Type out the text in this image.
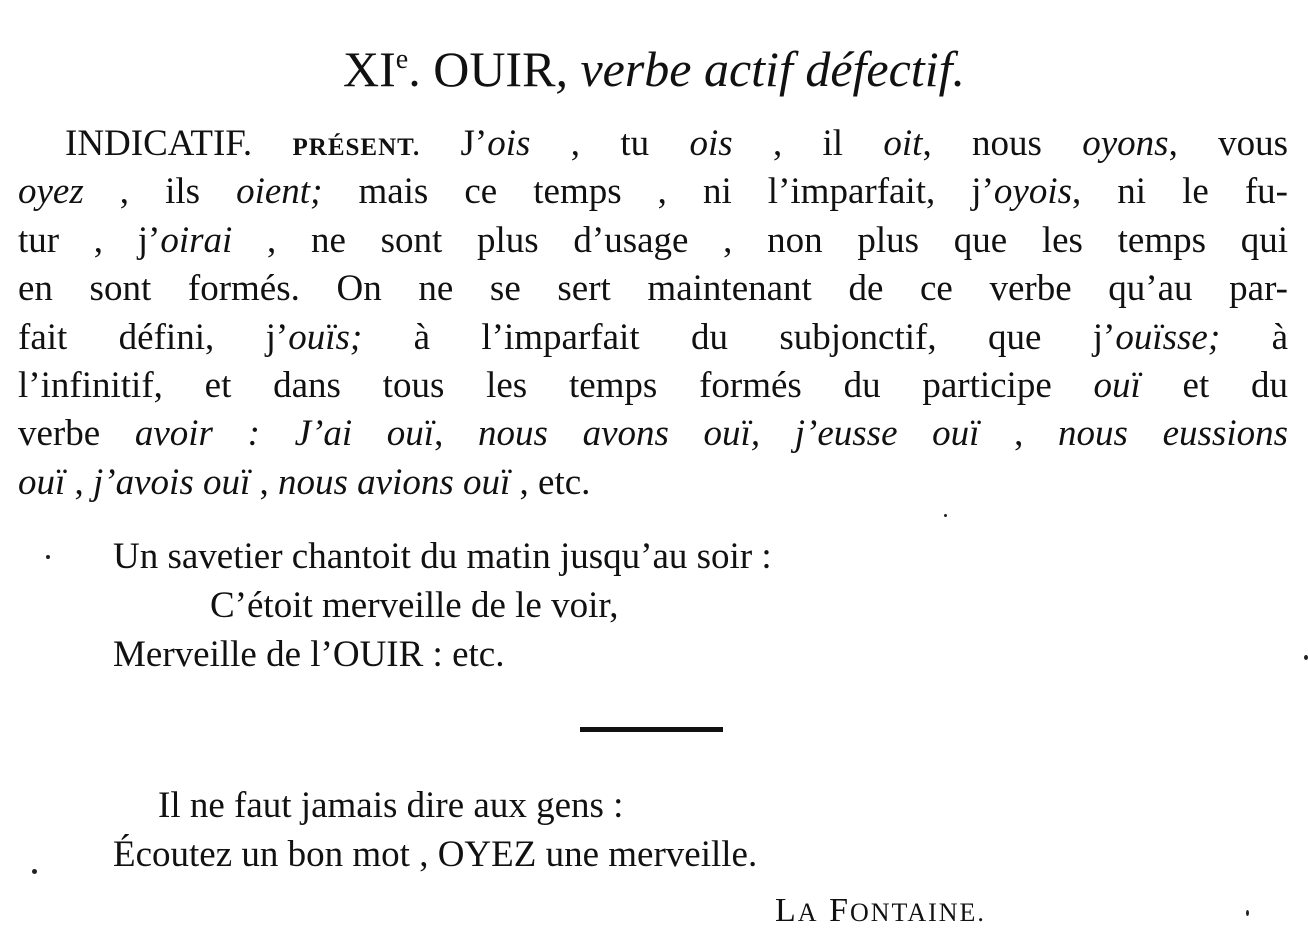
XIe. OUIR, verbe actif défectif.
INDICATIF. PRÉSENT. J’ois , tu ois , il oit, nous oyons, vous
oyez , ils oient; mais ce temps , ni l’imparfait, j’oyois, ni le fu-
tur , j’oirai , ne sont plus d’usage , non plus que les temps qui
en sont formés. On ne se sert maintenant de ce verbe qu’au par-
fait défini, j’ouïs; à l’imparfait du subjonctif, que j’ouïsse; à
l’infinitif, et dans tous les temps formés du participe ouï et du
verbe avoir : J’ai ouï, nous avons ouï, j’eusse ouï , nous eussions
ouï , j’avois ouï , nous avions ouï , etc.
Un savetier chantoit du matin jusqu’au soir :
C’étoit merveille de le voir,
Merveille de l’OUIR : etc.
Il ne faut jamais dire aux gens :
Écoutez un bon mot , OYEZ une merveille.
LA FONTAINE.
